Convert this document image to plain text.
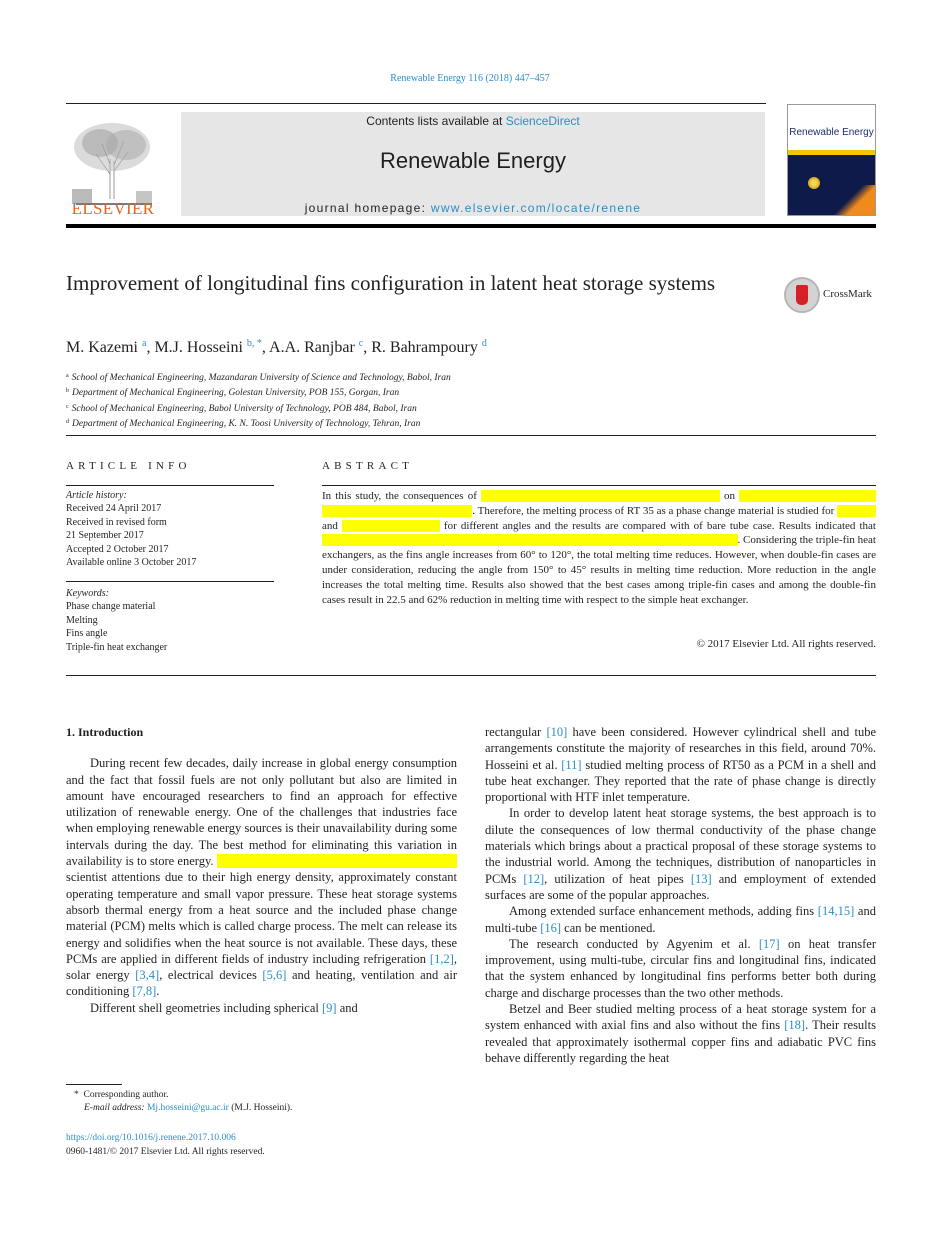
Renewable Energy 116 (2018) 447–457
ELSEVIER
Contents lists available at ScienceDirect
Renewable Energy
journal homepage: www.elsevier.com/locate/renene
Renewable Energy
Improvement of longitudinal fins configuration in latent heat storage systems	CrossMark
M. Kazemi $^a$, M.J. Hosseini $^{b, *}$, A.A. Ranjbar $^c$, R. Bahrampoury $^d$
$^a$ School of Mechanical Engineering, Mazandaran University of Science and Technology, Babol, Iran
$^b$ Department of Mechanical Engineering, Golestan University, POB 155, Gorgan, Iran
$^c$ School of Mechanical Engineering, Babol University of Technology, POB 484, Babol, Iran
$^d$ Department of Mechanical Engineering, K. N. Toosi University of Technology, Tehran, Iran
ARTICLE INFO	ABSTRACT
Article history:
Received 24 April 2017
Received in revised form
21 September 2017
Accepted 2 October 2017
Available online 3 October 2017
Keywords:
Phase change material
Melting
Fins angle
Triple-fin heat exchanger
In this study, the consequences of	on                                                                                         . Therefore, the melting process of RT 35 as a phase change material is studied for                and	for different angles and the results are compared with of bare tube case. Results indicated that                                                                                                                                                       . Considering the triple-fin heat exchangers, as the fins angle increases from 60° to 120°, the total melting time reduces. However, when double-fin cases are under consideration, reducing the angle from 150° to 45° results in melting time reduction. More reduction in the angle increases the total melting time. Results also showed that the best cases among triple-fin cases and among the double-fin cases result in 22.5 and 62% reduction in melting time with respect to the simple heat exchanger.
© 2017 Elsevier Ltd. All rights reserved.

1. Introduction

During recent few decades, daily increase in global energy consumption and the fact that fossil fuels are not only pollutant but also are limited in amount have encouraged researchers to find an approach for effective utilization of renewable energy. One of the challenges that industries face when employing renewable energy sources is their unavailability during some intervals during the day. The best method for eliminating this variation in availability is to store energy.                                                                             scientist attentions due to their high energy density, approximately constant operating temperature and small vapor pressure. These heat storage systems absorb thermal energy from a heat source and the included phase change material (PCM) melts which is called charge process. The melt can release its energy and solidifies when the heat source is not available. These days, these PCMs are applied in different fields of industry including refrigeration [1,2], solar energy [3,4], electrical devices [5,6] and heating, ventilation and air conditioning [7,8].

Different shell geometries including spherical [9] and

rectangular [10] have been considered. However cylindrical shell and tube arrangements constitute the majority of researches in this field, around 70%. Hosseini et al. [11] studied melting process of RT50 as a PCM in a shell and tube heat exchanger. They reported that the rate of phase change is directly proportional with HTF inlet temperature.

In order to develop latent heat storage systems, the best approach is to dilute the consequences of low thermal conductivity of the phase change materials which brings about a practical proposal of these storage systems to the industrial world. Among the techniques, distribution of nanoparticles in PCMs [12], utilization of heat pipes [13] and employment of extended surfaces are some of the popular approaches.

Among extended surface enhancement methods, adding fins [14,15] and multi-tube [16] can be mentioned.

The research conducted by Agyenim et al. [17] on heat transfer improvement, using multi-tube, circular fins and longitudinal fins, indicated that the system enhanced by longitudinal fins performs better both during charge and discharge processes than the two other methods.

Betzel and Beer studied melting process of a heat storage system for a system enhanced with axial fins and also without the fins [18]. Their results revealed that approximately isothermal copper fins and adiabatic PVC fins behave differently regarding the heat

* Corresponding author.
E-mail address: Mj.hosseini@gu.ac.ir (M.J. Hosseini).
https://doi.org/10.1016/j.renene.2017.10.006
0960-1481/© 2017 Elsevier Ltd. All rights reserved.
